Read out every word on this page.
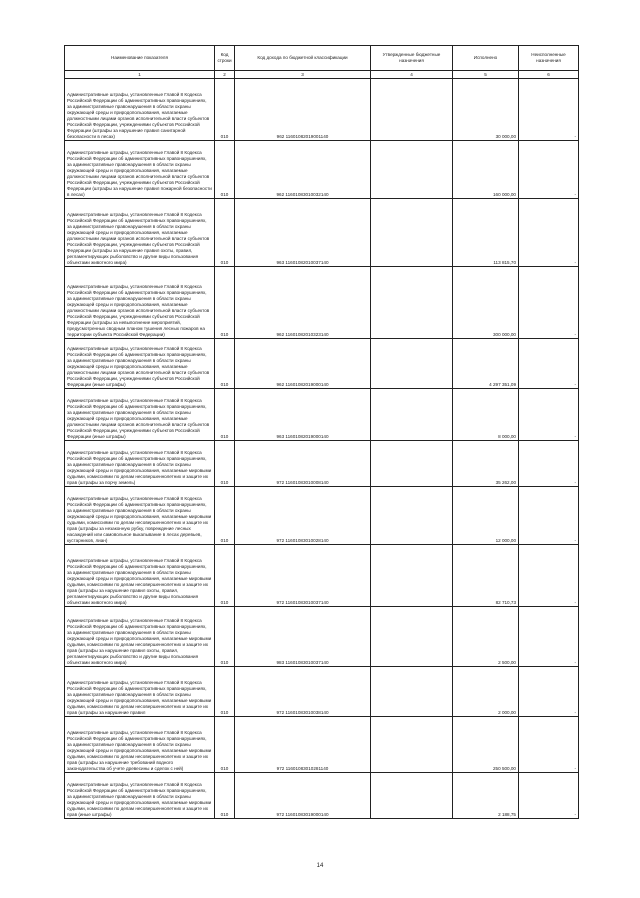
Наименование показателя	Код строки	Код дохода по бюджетной классификации	Утвержденные бюджетные назначения	Исполнено	Неисполненные назначения
1	2	3	4	5	6
Административные штрафы, установленные Главой 8 Кодекса Российской Федерации об административных правонарушениях, за административные правонарушения в области охраны окружающей среды и природопользования, налагаемые должностными лицами органов исполнительной власти субъектов Российской Федерации, учреждениями субъектов Российской Федерации (штрафы за нарушение правил санитарной безопасности в лесах)	010	962 11601082019001140		30 000,00	-
Административные штрафы, установленные Главой 8 Кодекса Российской Федерации об административных правонарушениях, за административные правонарушения в области охраны окружающей среды и природопользования, налагаемые должностными лицами органов исполнительной власти субъектов Российской Федерации, учреждениями субъектов Российской Федерации (штрафы за нарушение правил пожарной безопасности в лесах)	010	962 11601083010032140		160 000,00	-
Административные штрафы, установленные Главой 8 Кодекса Российской Федерации об административных правонарушениях, за административные правонарушения в области охраны окружающей среды и природопользования, налагаемые должностными лицами органов исполнительной власти субъектов Российской Федерации, учреждениями субъектов Российской Федерации (штрафы за нарушение правил охоты, правил, регламентирующих рыболовство и другие виды пользования объектами животного мира)	010	963 11601082010037140		113 815,70	-
Административные штрафы, установленные Главой 8 Кодекса Российской Федерации об административных правонарушениях, за административные правонарушения в области охраны окружающей среды и природопользования, налагаемые должностными лицами органов исполнительной власти субъектов Российской Федерации, учреждениями субъектов Российской Федерации (штрафы за невыполнение мероприятий, предусмотренных сводным планом тушения лесных пожаров на территории субъекта Российской Федерации)	010	962 11601082010323140		300 000,00	-
Административные штрафы, установленные Главой 8 Кодекса Российской Федерации об административных правонарушениях, за административные правонарушения в области охраны окружающей среды и природопользования, налагаемые должностными лицами органов исполнительной власти субъектов Российской Федерации, учреждениями субъектов Российской Федерации (иные штрафы)	010	962 11601082019000140		4 297 351,09	-
Административные штрафы, установленные Главой 8 Кодекса Российской Федерации об административных правонарушениях, за административные правонарушения в области охраны окружающей среды и природопользования, налагаемые должностными лицами органов исполнительной власти субъектов Российской Федерации, учреждениями субъектов Российской Федерации (иные штрафы)	010	963 11601082019000140		8 000,00	-
Административные штрафы, установленные Главой 8 Кодекса Российской Федерации об административных правонарушениях, за административные правонарушения в области охраны окружающей среды и природопользования, налагаемые мировыми судьями, комиссиями по делам несовершеннолетних и защите их прав (штрафы за порчу земель)	010	972 11601083010008140		35 262,00	-
Административные штрафы, установленные Главой 8 Кодекса Российской Федерации об административных правонарушениях, за административные правонарушения в области охраны окружающей среды и природопользования, налагаемые мировыми судьями, комиссиями по делам несовершеннолетних и защите их прав (штрафы за незаконную рубку, повреждение лесных насаждений или самовольное выкапывание в лесах деревьев, кустарников, лиан)	010	972 11601083010028140		12 000,00	-
Административные штрафы, установленные Главой 8 Кодекса Российской Федерации об административных правонарушениях, за административные правонарушения в области охраны окружающей среды и природопользования, налагаемые мировыми судьями, комиссиями по делам несовершеннолетних и защите их прав (штрафы за нарушение правил охоты, правил, регламентирующих рыболовство и другие виды пользования объектами животного мира)	010	972 11601083010037140		82 710,73	-
Административные штрафы, установленные Главой 8 Кодекса Российской Федерации об административных правонарушениях, за административные правонарушения в области охраны окружающей среды и природопользования, налагаемые мировыми судьями, комиссиями по делам несовершеннолетних и защите их прав (штрафы за нарушение правил охоты, правил, регламентирующих рыболовство и другие виды пользования объектами животного мира)	010	983 11601083010037140		2 500,00	-
Административные штрафы, установленные Главой 8 Кодекса Российской Федерации об административных правонарушениях, за административные правонарушения в области охраны окружающей среды и природопользования, налагаемые мировыми судьями, комиссиями по делам несовершеннолетних и защите их прав (штрафы за нарушение правил	010	972 11601083010038140		2 000,00	-
Административные штрафы, установленные Главой 8 Кодекса Российской Федерации об административных правонарушениях, за административные правонарушения в области охраны окружающей среды и природопользования, налагаемые мировыми судьями, комиссиями по делам несовершеннолетних и защите их прав (штрафы за нарушение требований водного законодательства об учете древесины и сделок с ней)	010	972 11601083010281140		250 500,00	-
Административные штрафы, установленные Главой 8 Кодекса Российской Федерации об административных правонарушениях, за административные правонарушения в области охраны окружающей среды и природопользования, налагаемые мировыми судьями, комиссиями по делам несовершеннолетних и защите их прав (иные штрафы)	010	972 11601083019000140		2 188,75	-
14
